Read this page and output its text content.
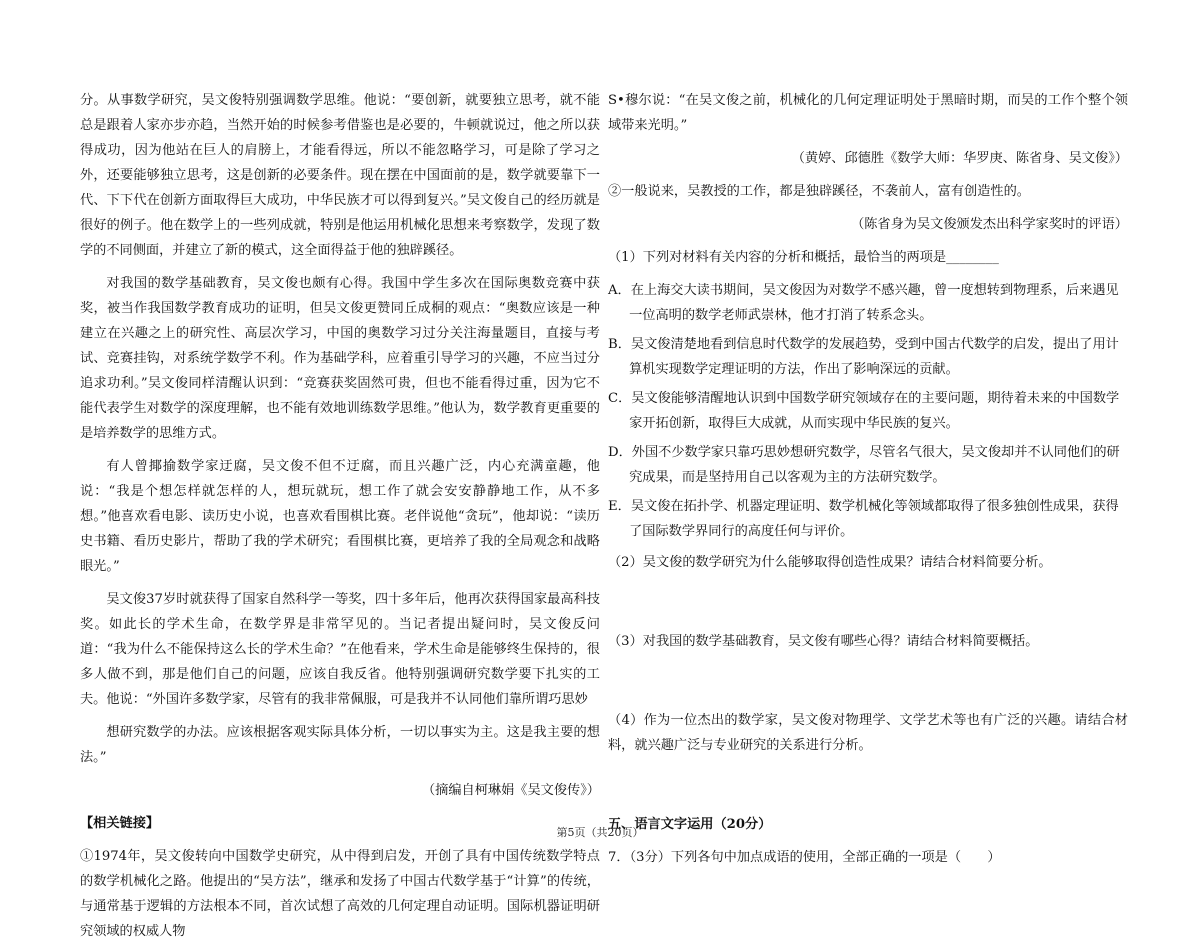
分。从事数学研究，吴文俊特别强调数学思维。他说：“要创新，就要独立思考，就不能总是跟着人家亦步亦趋，当然开始的时候参考借鉴也是必要的，牛顿就说过，他之所以获得成功，因为他站在巨人的肩膀上，才能看得远，所以不能忽略学习，可是除了学习之外，还要能够独立思考，这是创新的必要条件。现在摆在中国面前的是，数学就要靠下一代、下下代在创新方面取得巨大成功，中华民族才可以得到复兴。”吴文俊自己的经历就是很好的例子。他在数学上的一些列成就，特别是他运用机械化思想来考察数学，发现了数学的不同侧面，并建立了新的模式，这全面得益于他的独辟蹊径。

对我国的数学基础教育，吴文俊也颇有心得。我国中学生多次在国际奥数竞赛中获奖，被当作我国数学教育成功的证明，但吴文俊更赞同丘成桐的观点：“奥数应该是一种建立在兴趣之上的研究性、高层次学习，中国的奥数学习过分关注海量题目，直接与考试、竞赛挂钩，对系统学数学不利。作为基础学科，应着重引导学习的兴趣，不应当过分追求功利。”吴文俊同样清醒认识到：“竞赛获奖固然可贵，但也不能看得过重，因为它不能代表学生对数学的深度理解，也不能有效地训练数学思维。”他认为，数学教育更重要的是培养数学的思维方式。

有人曾揶揄数学家迂腐，吴文俊不但不迂腐，而且兴趣广泛，内心充满童趣，他说：“我是个想怎样就怎样的人，想玩就玩，想工作了就会安安静静地工作，从不多想。”他喜欢看电影、读历史小说，也喜欢看围棋比赛。老伴说他“贪玩”，他却说：“读历史书籍、看历史影片，帮助了我的学术研究；看围棋比赛，更培养了我的全局观念和战略眼光。”

吴文俊37岁时就获得了国家自然科学一等奖，四十多年后，他再次获得国家最高科技奖。如此长的学术生命，在数学界是非常罕见的。当记者提出疑问时，吴文俊反问道：“我为什么不能保持这么长的学术生命？”在他看来，学术生命是能够终生保持的，很多人做不到，那是他们自己的问题，应该自我反省。他特别强调研究数学要下扎实的工夫。他说：“外国许多数学家，尽管有的我非常佩服，可是我并不认同他们靠所谓巧思妙

想研究数学的办法。应该根据客观实际具体分析，一切以事实为主。这是我主要的想法。”

（摘编自柯琳娟《吴文俊传》）

【相关链接】

①1974年，吴文俊转向中国数学史研究，从中得到启发，开创了具有中国传统数学特点的数学机械化之路。他提出的“吴方法”，继承和发扬了中国古代数学基于“计算”的传统，与通常基于逻辑的方法根本不同，首次试想了高效的几何定理自动证明。国际机器证明研究领域的权威人物

S•穆尔说：“在吴文俊之前，机械化的几何定理证明处于黑暗时期，而吴的工作个整个领域带来光明。”

（黄婷、邱德胜《数学大师：华罗庚、陈省身、吴文俊》）

②一般说来，吴教授的工作，都是独辟蹊径，不袭前人，富有创造性的。

（陈省身为吴文俊颁发杰出科学家奖时的评语）

（1）下列对材料有关内容的分析和概括，最恰当的两项是________

A．在上海交大读书期间，吴文俊因为对数学不感兴趣，曾一度想转到物理系，后来遇见一位高明的数学老师武崇林，他才打消了转系念头。

B．吴文俊清楚地看到信息时代数学的发展趋势，受到中国古代数学的启发，提出了用计算机实现数学定理证明的方法，作出了影响深远的贡献。

C．吴文俊能够清醒地认识到中国数学研究领域存在的主要问题，期待着未来的中国数学家开拓创新，取得巨大成就，从而实现中华民族的复兴。

D．外国不少数学家只靠巧思妙想研究数学，尽管名气很大，吴文俊却并不认同他们的研究成果，而是坚持用自己以客观为主的方法研究数学。

E．吴文俊在拓扑学、机器定理证明、数学机械化等领域都取得了很多独创性成果，获得了国际数学界同行的高度任何与评价。

（2）吴文俊的数学研究为什么能够取得创造性成果？请结合材料简要分析。

（3）对我国的数学基础教育，吴文俊有哪些心得？请结合材料简要概括。

（4）作为一位杰出的数学家，吴文俊对物理学、文学艺术等也有广泛的兴趣。请结合材料，就兴趣广泛与专业研究的关系进行分析。

五、语言文字运用（20分）

7．（3分）下列各句中加点成语的使用，全部正确的一项是（　　）

第5页（共20页）
